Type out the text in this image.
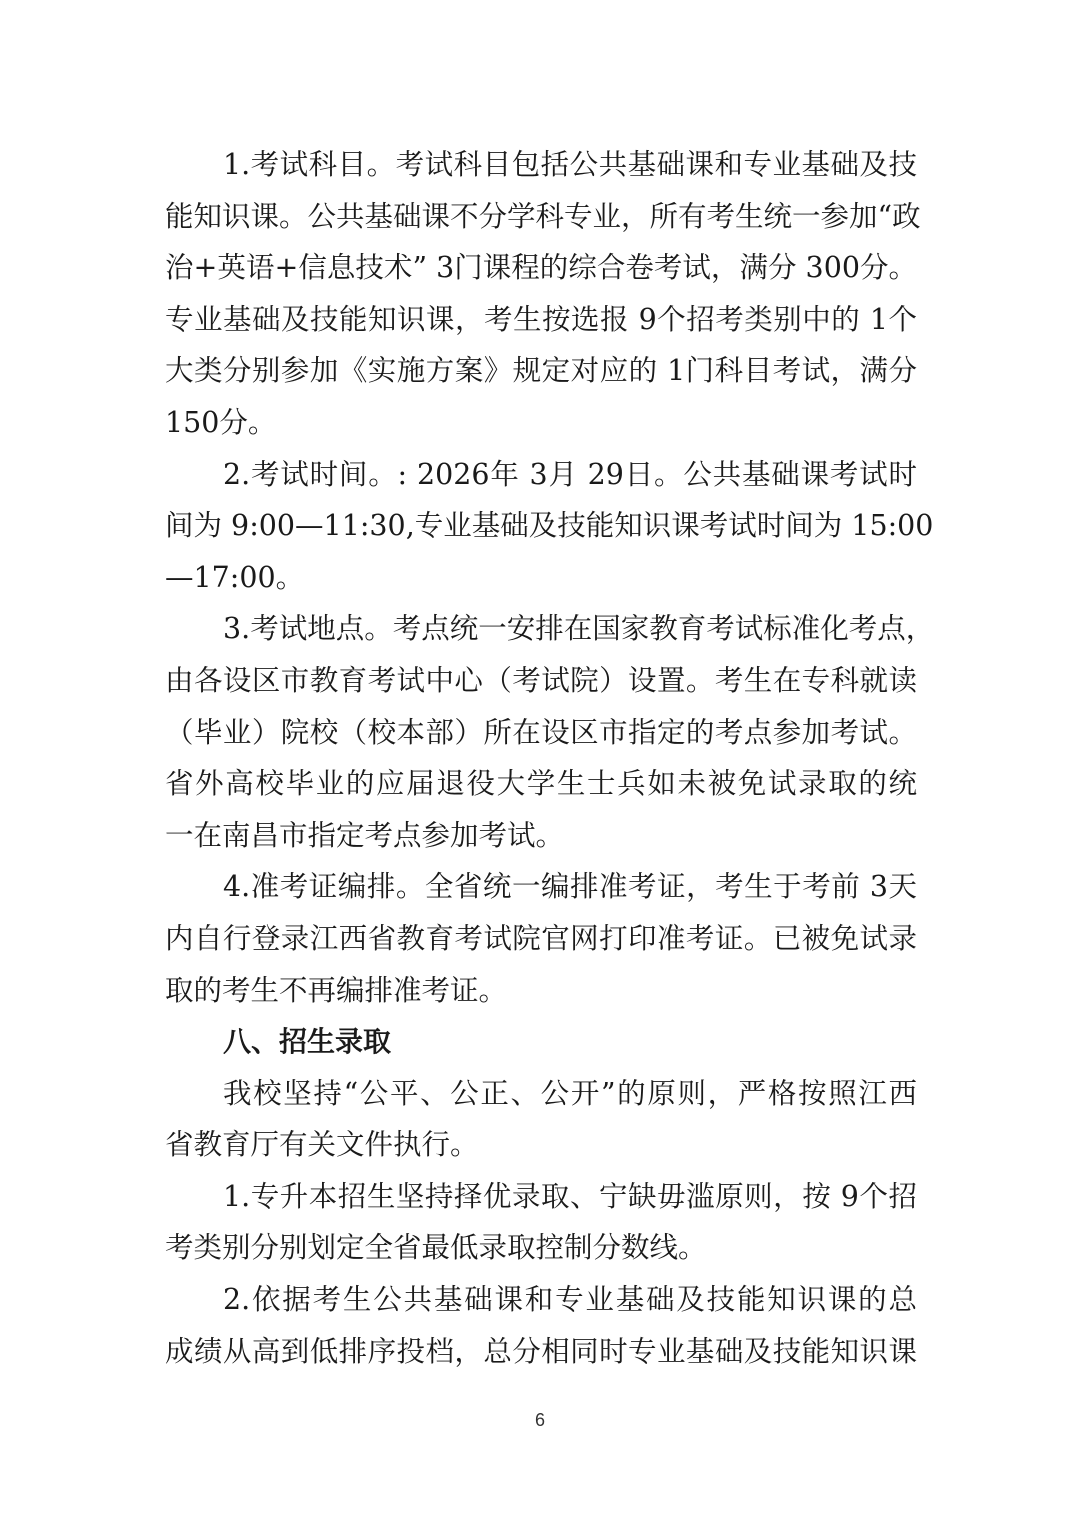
1.考试科目。考试科目包括公共基础课和专业基础及技
能知识课。公共基础课不分学科专业，所有考生统一参加“政
治+英语+信息技术” 3门课程的综合卷考试，满分 300分。
专业基础及技能知识课，考生按选报 9个招考类别中的 1个
大类分别参加《实施方案》规定对应的 1门科目考试，满分
150分。
2.考试时间。: 2026年 3月 29日。公共基础课考试时
间为 9:00—11:30,专业基础及技能知识课考试时间为 15:00
—17:00。
3.考试地点。考点统一安排在国家教育考试标准化考点，
由各设区市教育考试中心（考试院）设置。考生在专科就读
（毕业）院校（校本部）所在设区市指定的考点参加考试。
省外高校毕业的应届退役大学生士兵如未被免试录取的统
一在南昌市指定考点参加考试。
4.准考证编排。全省统一编排准考证，考生于考前 3天
内自行登录江西省教育考试院官网打印准考证。已被免试录
取的考生不再编排准考证。
八、招生录取
我校坚持“公平、公正、公开”的原则，严格按照江西
省教育厅有关文件执行。
1.专升本招生坚持择优录取、宁缺毋滥原则，按 9个招
考类别分别划定全省最低录取控制分数线。
2.依据考生公共基础课和专业基础及技能知识课的总
成绩从高到低排序投档，总分相同时专业基础及技能知识课
6
